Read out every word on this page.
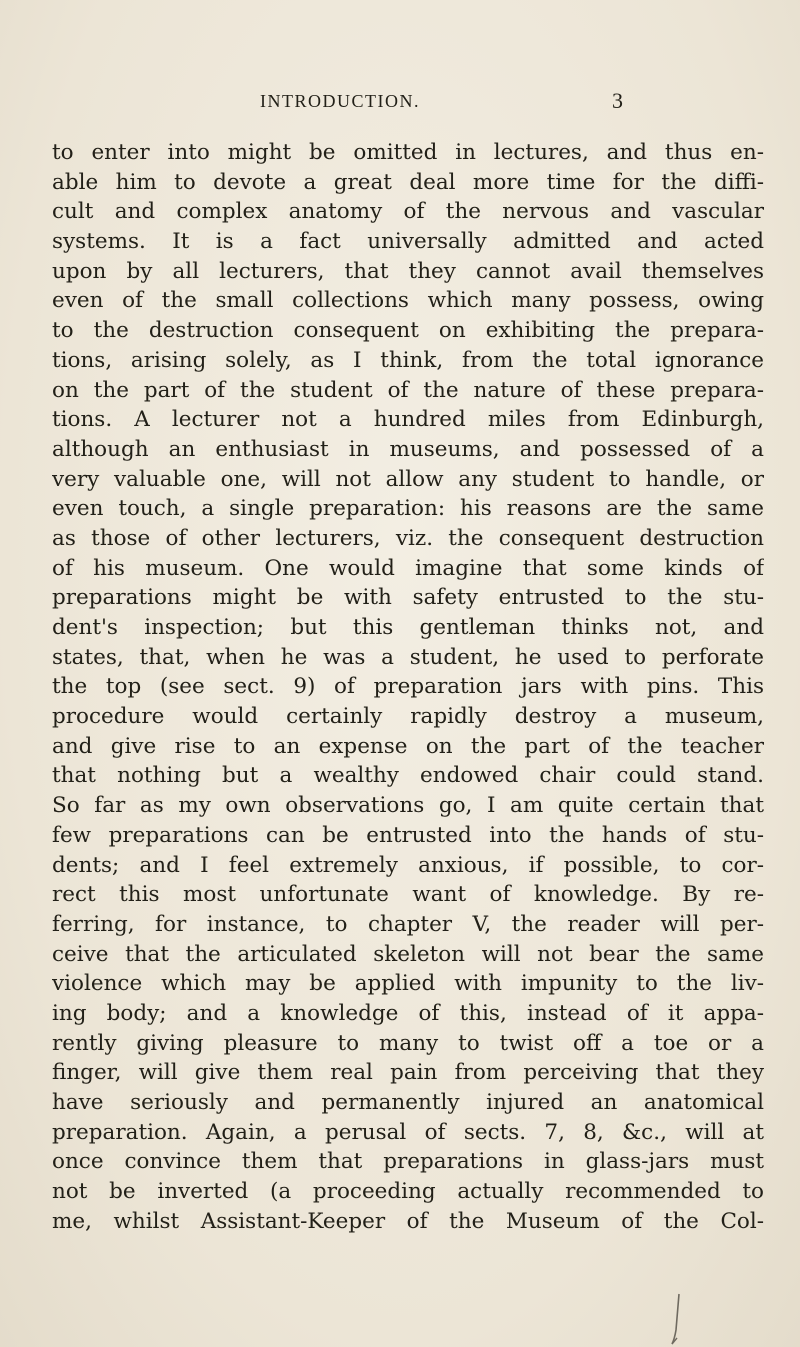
INTRODUCTION.	3
to enter into might be omitted in lectures, and thus en-
able him to devote a great deal more time for the diffi-
cult and complex anatomy of the nervous and vascular
systems. It is a fact universally admitted and acted
upon by all lecturers, that they cannot avail themselves
even of the small collections which many possess, owing
to the destruction consequent on exhibiting the prepara-
tions, arising solely, as I think, from the total ignorance
on the part of the student of the nature of these prepara-
tions. A lecturer not a hundred miles from Edinburgh,
although an enthusiast in museums, and possessed of a
very valuable one, will not allow any student to handle, or
even touch, a single preparation: his reasons are the same
as those of other lecturers, viz. the consequent destruction
of his museum. One would imagine that some kinds of
preparations might be with safety entrusted to the stu-
dent's inspection; but this gentleman thinks not, and
states, that, when he was a student, he used to perforate
the top (see sect. 9) of preparation jars with pins. This
procedure would certainly rapidly destroy a museum,
and give rise to an expense on the part of the teacher
that nothing but a wealthy endowed chair could stand.
So far as my own observations go, I am quite certain that
few preparations can be entrusted into the hands of stu-
dents; and I feel extremely anxious, if possible, to cor-
rect this most unfortunate want of knowledge. By re-
ferring, for instance, to chapter V, the reader will per-
ceive that the articulated skeleton will not bear the same
violence which may be applied with impunity to the liv-
ing body; and a knowledge of this, instead of it appa-
rently giving pleasure to many to twist off a toe or a
finger, will give them real pain from perceiving that they
have seriously and permanently injured an anatomical
preparation. Again, a perusal of sects. 7, 8, &c., will at
once convince them that preparations in glass-jars must
not be inverted (a proceeding actually recommended to
me, whilst Assistant-Keeper of the Museum of the Col-
